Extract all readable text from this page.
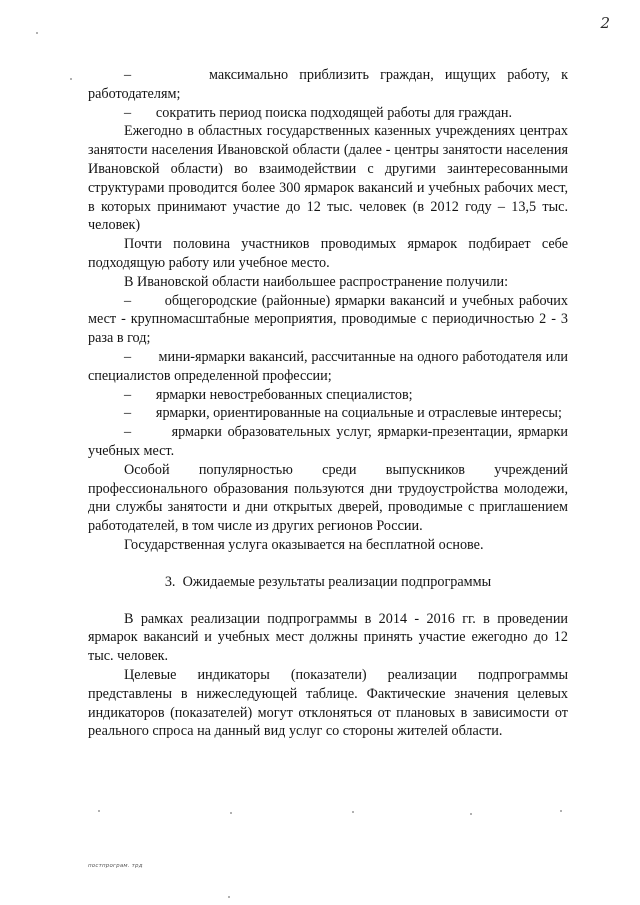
2

–       максимально приблизить граждан, ищущих работу, к работодателям;

–       сократить период поиска подходящей работы для граждан.

Ежегодно в областных государственных казенных учреждениях центрах занятости населения Ивановской области (далее - центры занятости населения Ивановской области) во взаимодействии с другими заинтересованными структурами проводится более 300 ярмарок вакансий и учебных рабочих мест, в которых принимают участие до 12 тыс. человек (в 2012 году – 13,5 тыс. человек)

Почти половина участников проводимых ярмарок подбирает себе подходящую работу или учебное место.

В Ивановской области наибольшее распространение получили:

–       общегородские (районные) ярмарки вакансий и учебных рабочих мест - крупномасштабные мероприятия, проводимые с периодичностью 2 - 3 раза в год;

–       мини-ярмарки вакансий, рассчитанные на одного работодателя или специалистов определенной профессии;

–       ярмарки невостребованных специалистов;

–       ярмарки, ориентированные на социальные и отраслевые интересы;

–       ярмарки образовательных услуг, ярмарки-презентации, ярмарки учебных мест.

Особой популярностью среди выпускников учреждений профессионального образования пользуются дни трудоустройства молодежи, дни службы занятости и дни открытых дверей, проводимые с приглашением работодателей, в том числе из других регионов России.

Государственная услуга оказывается на бесплатной основе.

3.  Ожидаемые результаты реализации подпрограммы

В рамках реализации подпрограммы в 2014 - 2016 гг. в проведении ярмарок вакансий и учебных мест должны принять участие ежегодно до 12 тыс. человек.

Целевые индикаторы (показатели) реализации подпрограммы представлены в нижеследующей таблице. Фактические значения целевых индикаторов (показателей) могут отклоняться от плановых в зависимости от реального спроса на данный вид услуг со стороны жителей области.

постпрограм. трд
